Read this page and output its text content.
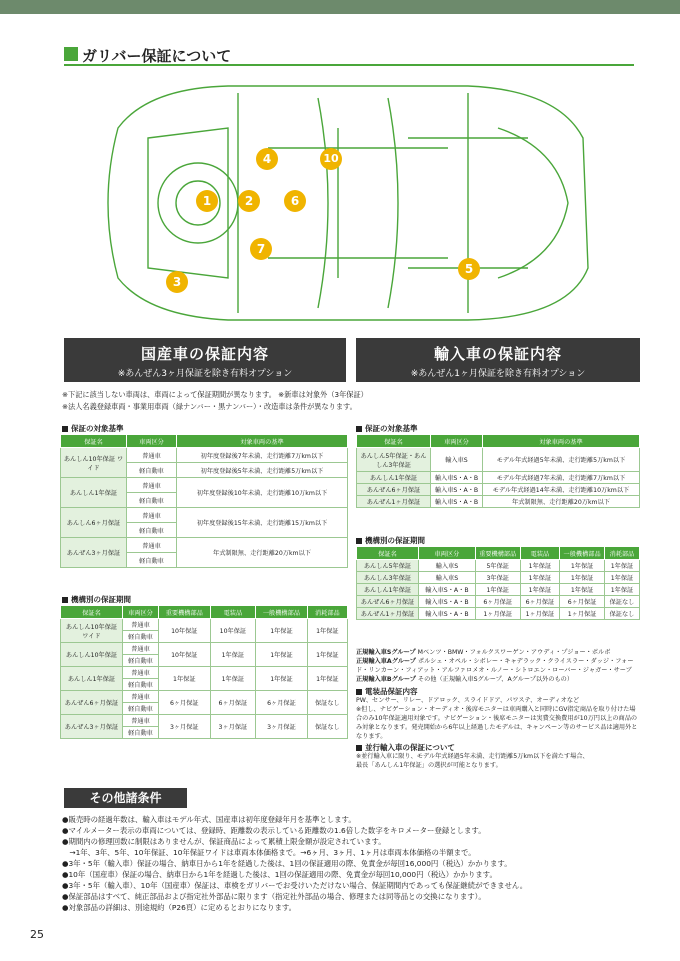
ガリバー保証について
1	2
3
4
5
6
7
10
国産車の保証内容
※あんぜん3ヶ月保証を除き有料オプション
輸入車の保証内容
※あんぜん1ヶ月保証を除き有料オプション
※下記に該当しない車両は、車両によって保証期間が異なります。 ※新車は対象外（3年保証）
※法人名義登録車両・事業用車両（緑ナンバー・黒ナンバー）・改造車は条件が異なります。
保証の対象基準
保証名	車両区分	対象車両の基準
あんしん10年保証 ワイド	普通車	初年度登録後7年未満、走行距離7万km以下
	軽自動車	初年度登録後5年未満、走行距離5万km以下
あんしん1年保証	普通車	初年度登録後10年未満、走行距離10万km以下
	軽自動車	
あんしん6ヶ月保証	普通車	初年度登録後15年未満、走行距離15万km以下
	軽自動車	
あんぜん3ヶ月保証	普通車	年式制限無、走行距離20万km以下
	軽自動車	
機構別の保証期間
保証名	車両区分	重要機構部品	電装品	一般機構部品	消耗部品
あんしん10年保証 ワイド	普通車	10年保証	10年保証	1年保証	1年保証
	軽自動車				
あんしん10年保証	普通車	10年保証	1年保証	1年保証	1年保証
	軽自動車				
あんしん1年保証	普通車	1年保証	1年保証	1年保証	1年保証
	軽自動車				
あんぜん6ヶ月保証	普通車	6ヶ月保証	6ヶ月保証	6ヶ月保証	保証なし
	軽自動車				
あんぜん3ヶ月保証	普通車	3ヶ月保証	3ヶ月保証	3ヶ月保証	保証なし
	軽自動車				
保証の対象基準
保証名	車両区分	対象車両の基準
あんしん5年保証・あんしん3年保証	輸入車S	モデル年式経過5年未満、走行距離5万km以下
あんしん1年保証	輸入車S・A・B	モデル年式経過7年未満、走行距離7万km以下
あんぜん6ヶ月保証	輸入車S・A・B	モデル年式経過14年未満、走行距離10万km以下
あんぜん1ヶ月保証	輸入車S・A・B	年式制限無、走行距離20万km以下
機構別の保証期間
保証名	車両区分	重要機構部品	電装品	一般機構部品	消耗部品
あんしん5年保証	輸入車S	5年保証	1年保証	1年保証	1年保証
あんしん3年保証	輸入車S	3年保証	1年保証	1年保証	1年保証
あんしん1年保証	輸入車S・A・B	1年保証	1年保証	1年保証	1年保証
あんぜん6ヶ月保証	輸入車S・A・B	6ヶ月保証	6ヶ月保証	6ヶ月保証	保証なし
あんぜん1ヶ月保証	輸入車S・A・B	1ヶ月保証	1ヶ月保証	1ヶ月保証	保証なし
正規輸入車Sグループ Mベンツ・BMW・フォルクスワーゲン・アウディ・プジョー・ボルボ
正規輸入車Aグループ ポルシェ・オペル・シボレー・キャデラック・クライスラー・ダッジ・フォード・リンカーン・フィアット・アルファロメオ・ルノー・シトロエン・ローバー・ジャガー・サーブ
正規輸入車Bグループ その他（正規輸入車Sグループ、Aグループ以外のもの）
電装品保証内容
PW、センサー、リレー、ドアロック、スライドドア、パワステ、オーディオなど
※但し、ナビゲーション・オーディオ・後席モニターは車両購入と同時にGV指定商品を取り付けた場合のみ10年保証適用対象です。ナビゲーション・後席モニターは実費交換費用が10万円以上の商品のみ対象となります。発売開始から6年以上経過したモデルは、キャンペーン等のサービス品は適用外となります。
並行輸入車の保証について
※並行輸入車に限り、モデル年式経過5年未満、走行距離5万km以下を満たす場合、
最長「あんしん1年保証」の選択が可能となります。
その他諸条件
●販売時の経過年数は、輸入車はモデル年式、国産車は初年度登録年月を基準とします。
●マイルメーター表示の車両については、登録時、距離数の表示している距離数の1.6倍した数字をキロメーター登録とします。
●期間内の修理回数に制限はありませんが、保証商品によって累積上限金額が設定されています。
　→1年、3年、5年、10年保証、10年保証ワイドは車両本体価格まで。→6ヶ月、3ヶ月、1ヶ月は車両本体価格の半額まで。
●3年・5年（輸入車）保証の場合、納車日から1年を経過した後は、1回の保証適用の際、免責金が毎回16,000円（税込）かかります。
●10年（国産車）保証の場合、納車日から1年を経過した後は、1回の保証適用の際、免責金が毎回10,000円（税込）かかります。
●3年・5年（輸入車）、10年（国産車）保証は、車検をガリバーでお受けいただけない場合、保証期間内であっても保証継続ができません。
●保証部品はすべて、純正部品および指定社外部品に限ります（指定社外部品の場合、修理または同等品との交換になります）。
●対象部品の詳細は、別途規約（P26頁）に定めるとおりになります。
25
